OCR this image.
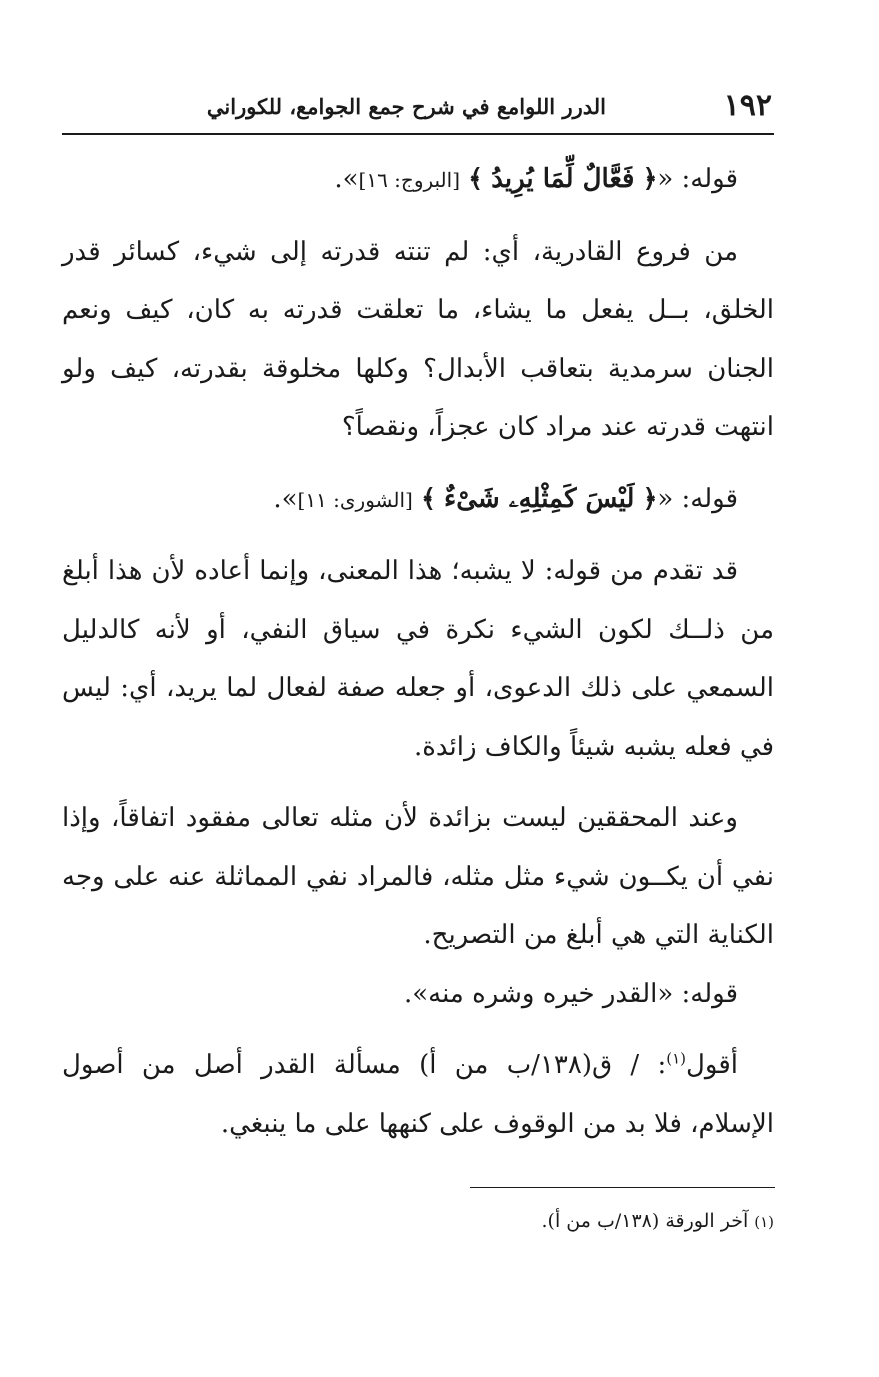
١٩٢
الدرر اللوامع في شرح جمع الجوامع، للكوراني

قوله: «﴿ فَعَّالٌ لِّمَا يُرِيدُ ﴾ [البروج: ١٦]».

من فروع القادرية، أي: لم تنته قدرته إلى شيء، كسائر قدر الخلق، بــل يفعل ما يشاء، ما تعلقت قدرته به كان، كيف ونعم الجنان سرمدية بتعاقب الأبدال؟ وكلها مخلوقة بقدرته، كيف ولو انتهت قدرته عند مراد كان عجزاً، ونقصاً؟

قوله: «﴿ لَيْسَ كَمِثْلِهِۦ شَىْءٌ ﴾ [الشورى: ١١]».

قد تقدم من قوله: لا يشبه؛ هذا المعنى، وإنما أعاده لأن هذا أبلغ من ذلــك لكون الشيء نكرة في سياق النفي، أو لأنه كالدليل السمعي على ذلك الدعوى، أو جعله صفة لفعال لما يريد، أي: ليس في فعله يشبه شيئاً والكاف زائدة.

وعند المحققين ليست بزائدة لأن مثله تعالى مفقود اتفاقاً، وإذا نفي أن يكــون شيء مثل مثله، فالمراد نفي المماثلة عنه على وجه الكناية التي هي أبلغ من التصريح.

قوله: «القدر خيره وشره منه».

أقول$^{(١)}$: / ق(١٣٨/ب من أ) مسألة القدر أصل من أصول الإسلام، فلا بد من الوقوف على كنهها على ما ينبغي.

(١)آخر الورقة (١٣٨/ب من أ).
